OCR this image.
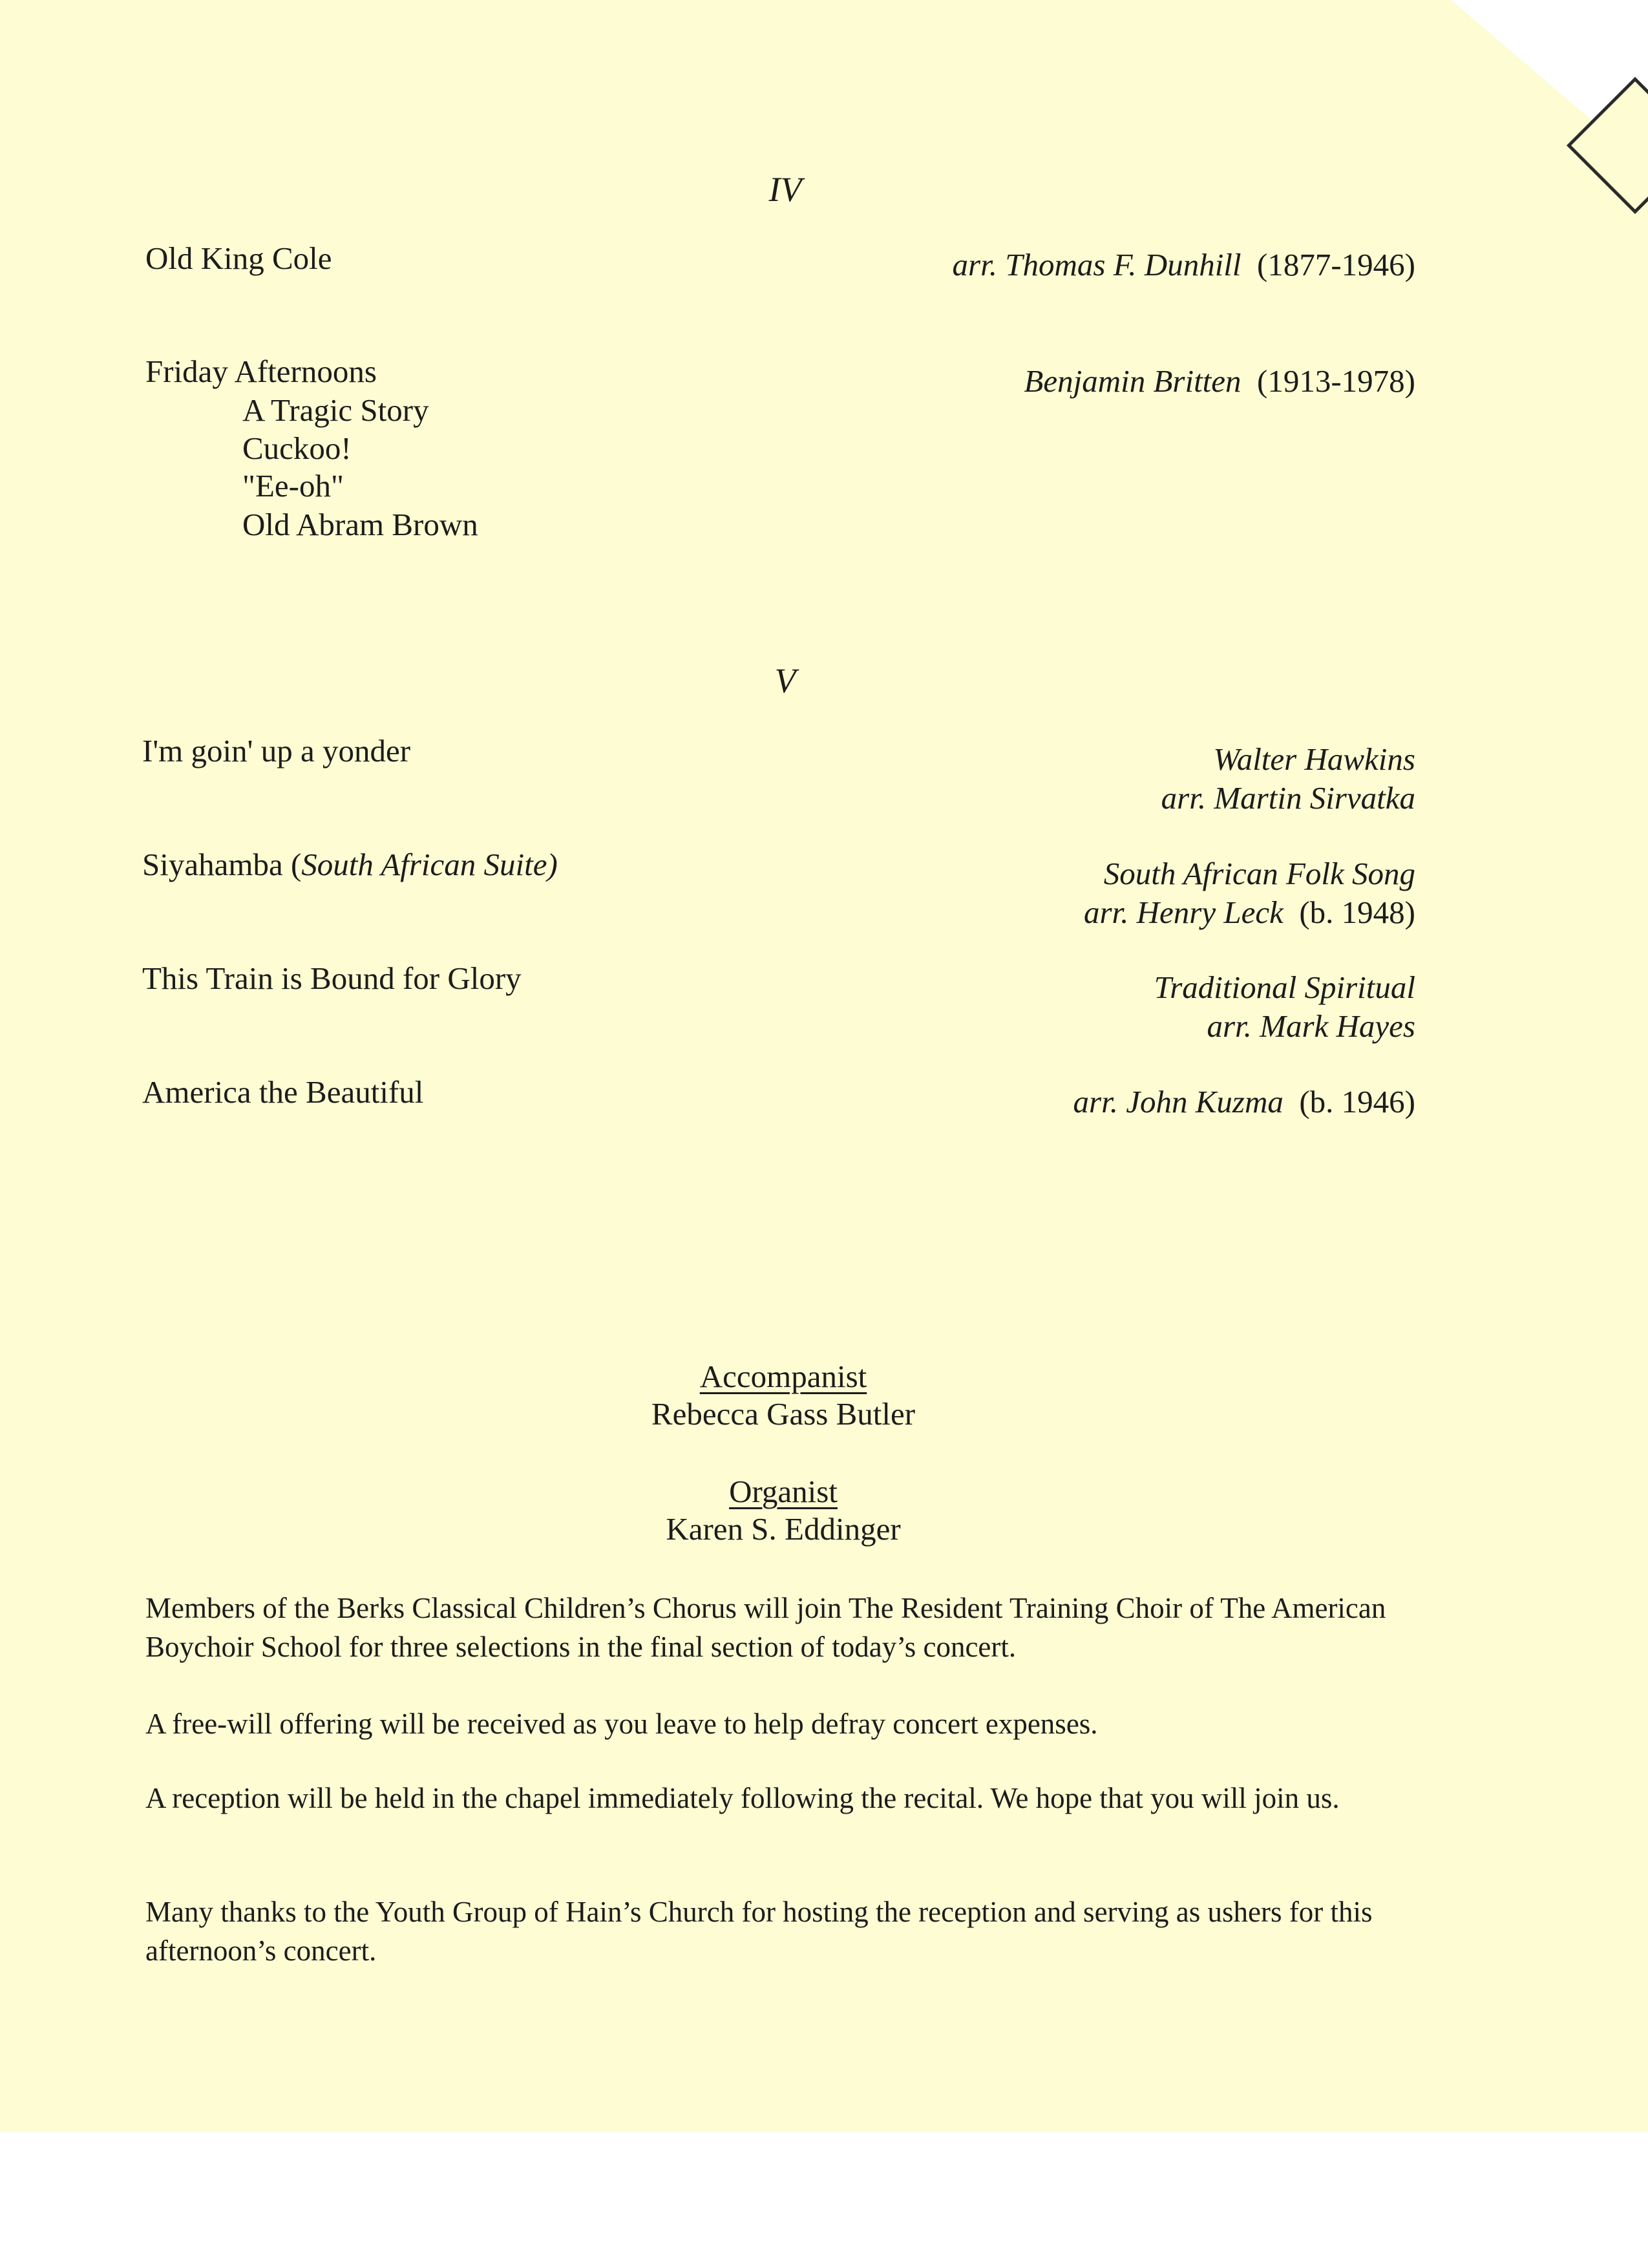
IV
Old King Cole	arr. Thomas F. Dunhill (1877-1946)
Friday Afternoons	Benjamin Britten (1913-1978)
A Tragic Story
Cuckoo!
"Ee-oh"
Old Abram Brown
V
I'm goin' up a yonder	Walter Hawkins
arr. Martin Sirvatka
Siyahamba (South African Suite)	South African Folk Song
arr. Henry Leck (b. 1948)
This Train is Bound for Glory	Traditional Spiritual
arr. Mark Hayes
America the Beautiful	arr. John Kuzma (b. 1946)
Accompanist
Rebecca Gass Butler
Organist
Karen S. Eddinger
Members of the Berks Classical Children’s Chorus will join The Resident Training Choir of The American Boychoir School for three selections in the final section of today’s concert.
A free-will offering will be received as you leave to help defray concert expenses.
A reception will be held in the chapel immediately following the recital. We hope that you will join us.
Many thanks to the Youth Group of Hain’s Church for hosting the reception and serving as ushers for this afternoon’s concert.
